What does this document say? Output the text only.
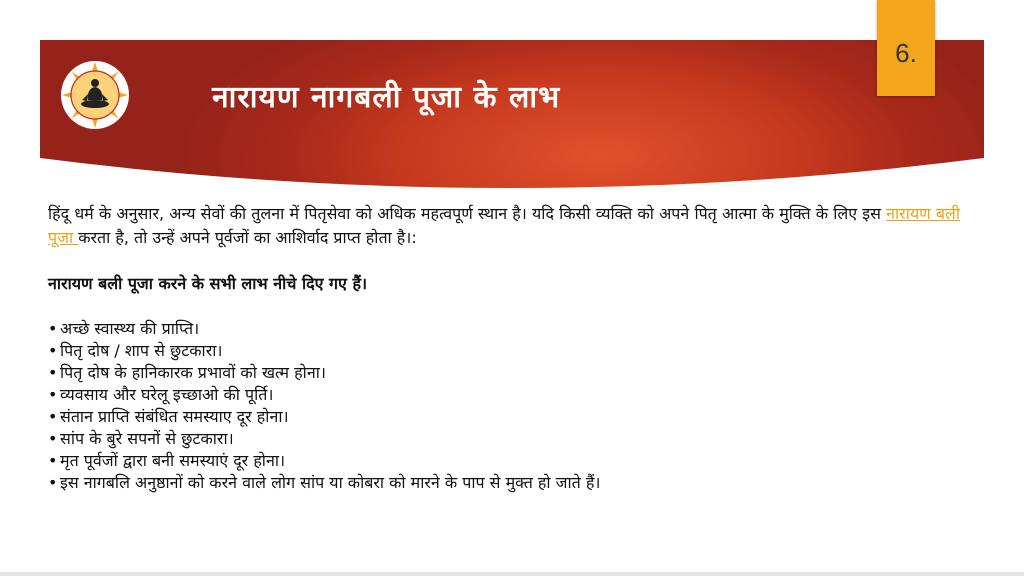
नारायण नागबली पूजा के लाभ
6.

हिंदू धर्म के अनुसार, अन्य सेवों की तुलना में पितृसेवा को अधिक महत्वपूर्ण स्थान है। यदि किसी व्यक्ति को अपने पितृ आत्मा के मुक्ति के लिए इस नारायण बली पूजा करता है, तो उन्हें अपने पूर्वजों का आशिर्वाद प्राप्त होता है।:

नारायण बली पूजा करने के सभी लाभ नीचे दिए गए हैं।

• अच्छे स्वास्थ्य की प्राप्ति।
• पितृ दोष / शाप से छुटकारा।
• पितृ दोष के हानिकारक प्रभावों को खत्म होना।
• व्यवसाय और घरेलू इच्छाओ की पूर्ति।
• संतान प्राप्ति संबंधित समस्याए दूर होना।
• सांप के बुरे सपनों से छुटकारा।
• मृत पूर्वजों द्वारा बनी समस्याएं दूर होना।
• इस नागबलि अनुष्ठानों को करने वाले लोग सांप या कोबरा को मारने के पाप से मुक्त हो जाते हैं।
